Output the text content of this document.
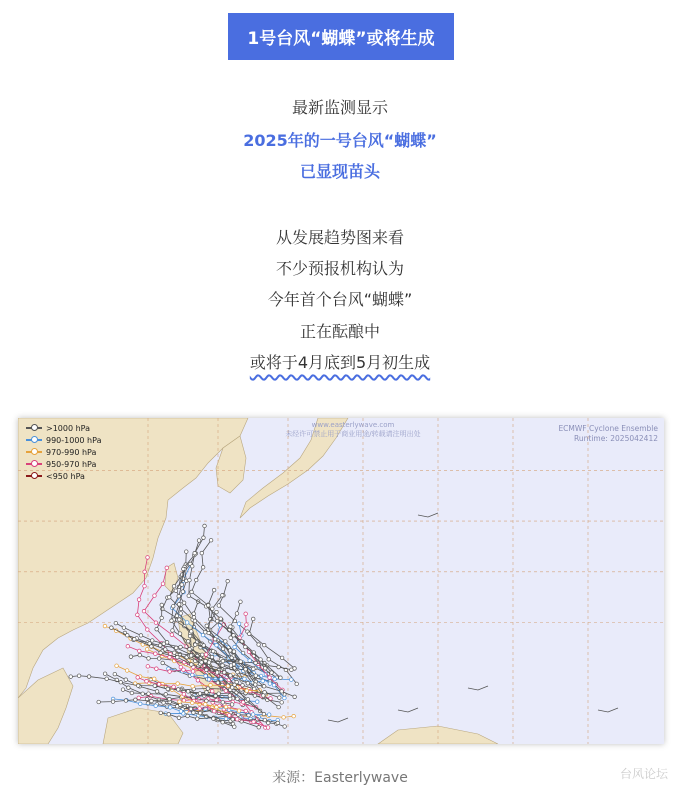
1号台风“蝴蝶”或将生成
最新监测显示
2025年的一号台风“蝴蝶”
已显现苗头
从发展趋势图来看
不少预报机构认为
今年首个台风“蝴蝶”
正在酝酿中
或将于4月底到5月初生成
>1000 hPa
990-1000 hPa
970-990 hPa
950-970 hPa
<950 hPa
www.easterlywave.com
未经许可禁止用于商业用途/转载请注明出处
ECMWF Cyclone Ensemble
Runtime: 2025042412
来源：Easterlywave	台风论坛
